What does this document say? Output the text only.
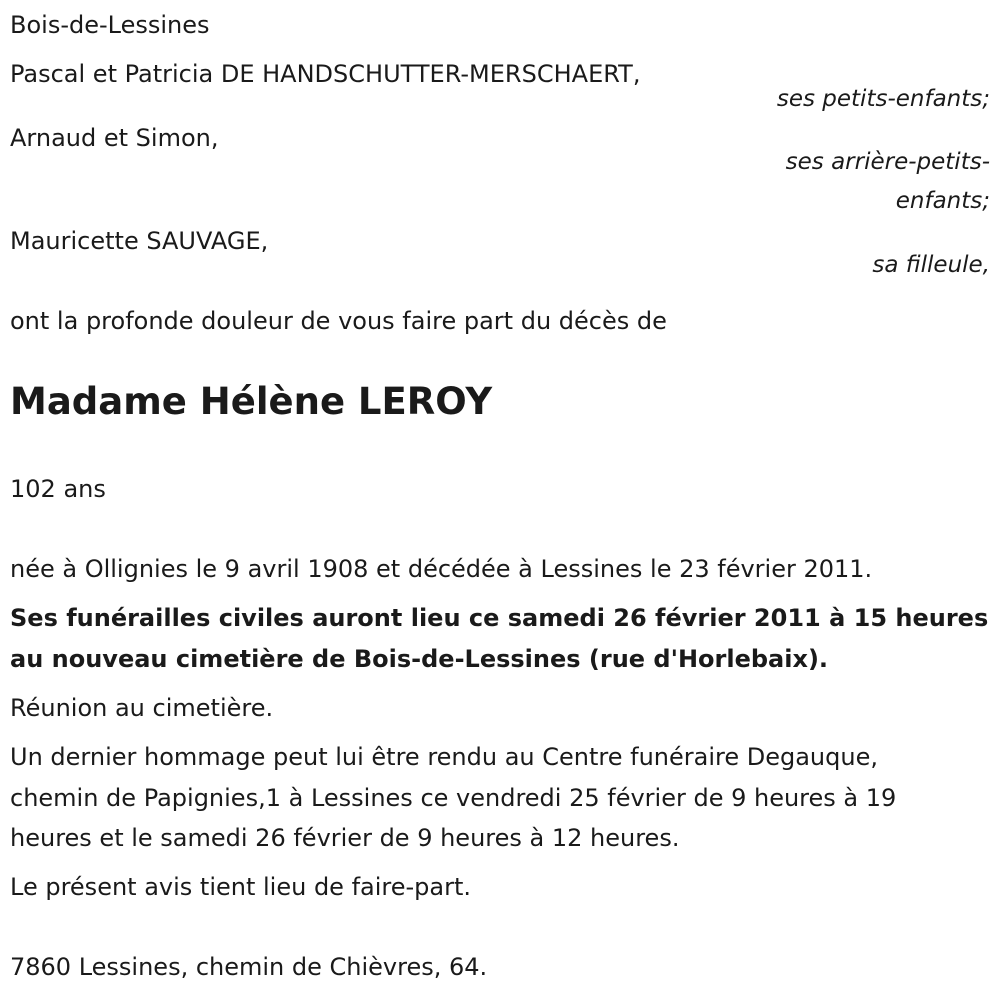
Bois-de-Lessines
Pascal et Patricia DE HANDSCHUTTER-MERSCHAERT,
ses petits-enfants;
Arnaud et Simon,
ses arrière-petits-
enfants;
Mauricette SAUVAGE,
sa filleule,
ont la profonde douleur de vous faire part du décès de
Madame Hélène LEROY
102 ans
née à Ollignies le 9 avril 1908 et décédée à Lessines le 23 février 2011.
Ses funérailles civiles auront lieu ce samedi 26 février 2011 à 15 heures
au nouveau cimetière de Bois-de-Lessines (rue d'Horlebaix).
Réunion au cimetière.
Un dernier hommage peut lui être rendu au Centre funéraire Degauque,
chemin de Papignies,1 à Lessines ce vendredi 25 février de 9 heures à 19
heures et le samedi 26 février de 9 heures à 12 heures.
Le présent avis tient lieu de faire-part.
7860 Lessines, chemin de Chièvres, 64.
